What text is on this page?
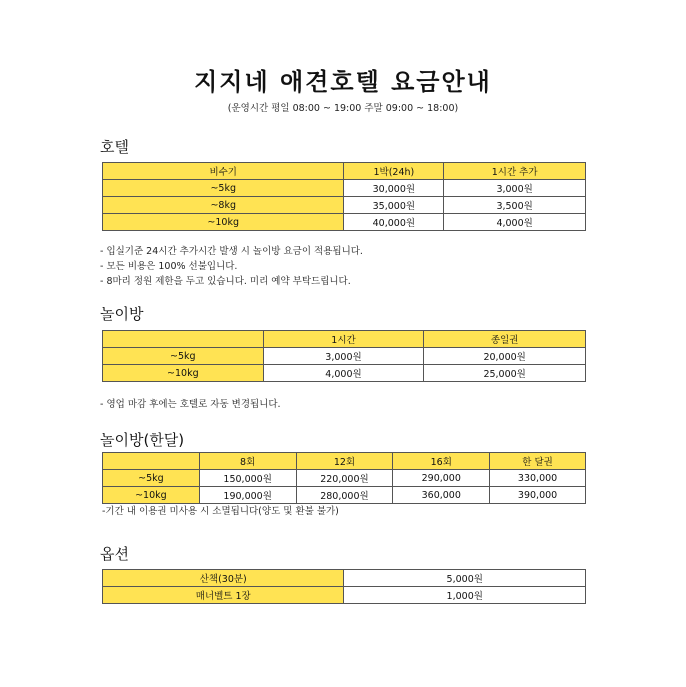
지지네 애견호텔 요금안내
(운영시간 평일 08:00 ~ 19:00 주말 09:00 ~ 18:00)
호텔
비수기	1박(24h)	1시간 추가
~5kg	30,000원	3,000원
~8kg	35,000원	3,500원
~10kg	40,000원	4,000원
- 입실기준 24시간 추가시간 발생 시 놀이방 요금이 적용됩니다.
- 모든 비용은 100% 선불입니다.
- 8마리 정원 제한을 두고 있습니다. 미리 예약 부탁드립니다.
놀이방
	1시간	종일권
~5kg	3,000원	20,000원
~10kg	4,000원	25,000원
- 영업 마감 후에는 호텔로 자동 변경됩니다.
놀이방(한달)
	8회	12회	16회	한 달권
~5kg	150,000원	220,000원	290,000	330,000
~10kg	190,000원	280,000원	360,000	390,000
-기간 내 이용권 미사용 시 소멸됩니다(양도 및 환불 불가)
옵션
산책(30분)	5,000원
매너벨트 1장	1,000원
